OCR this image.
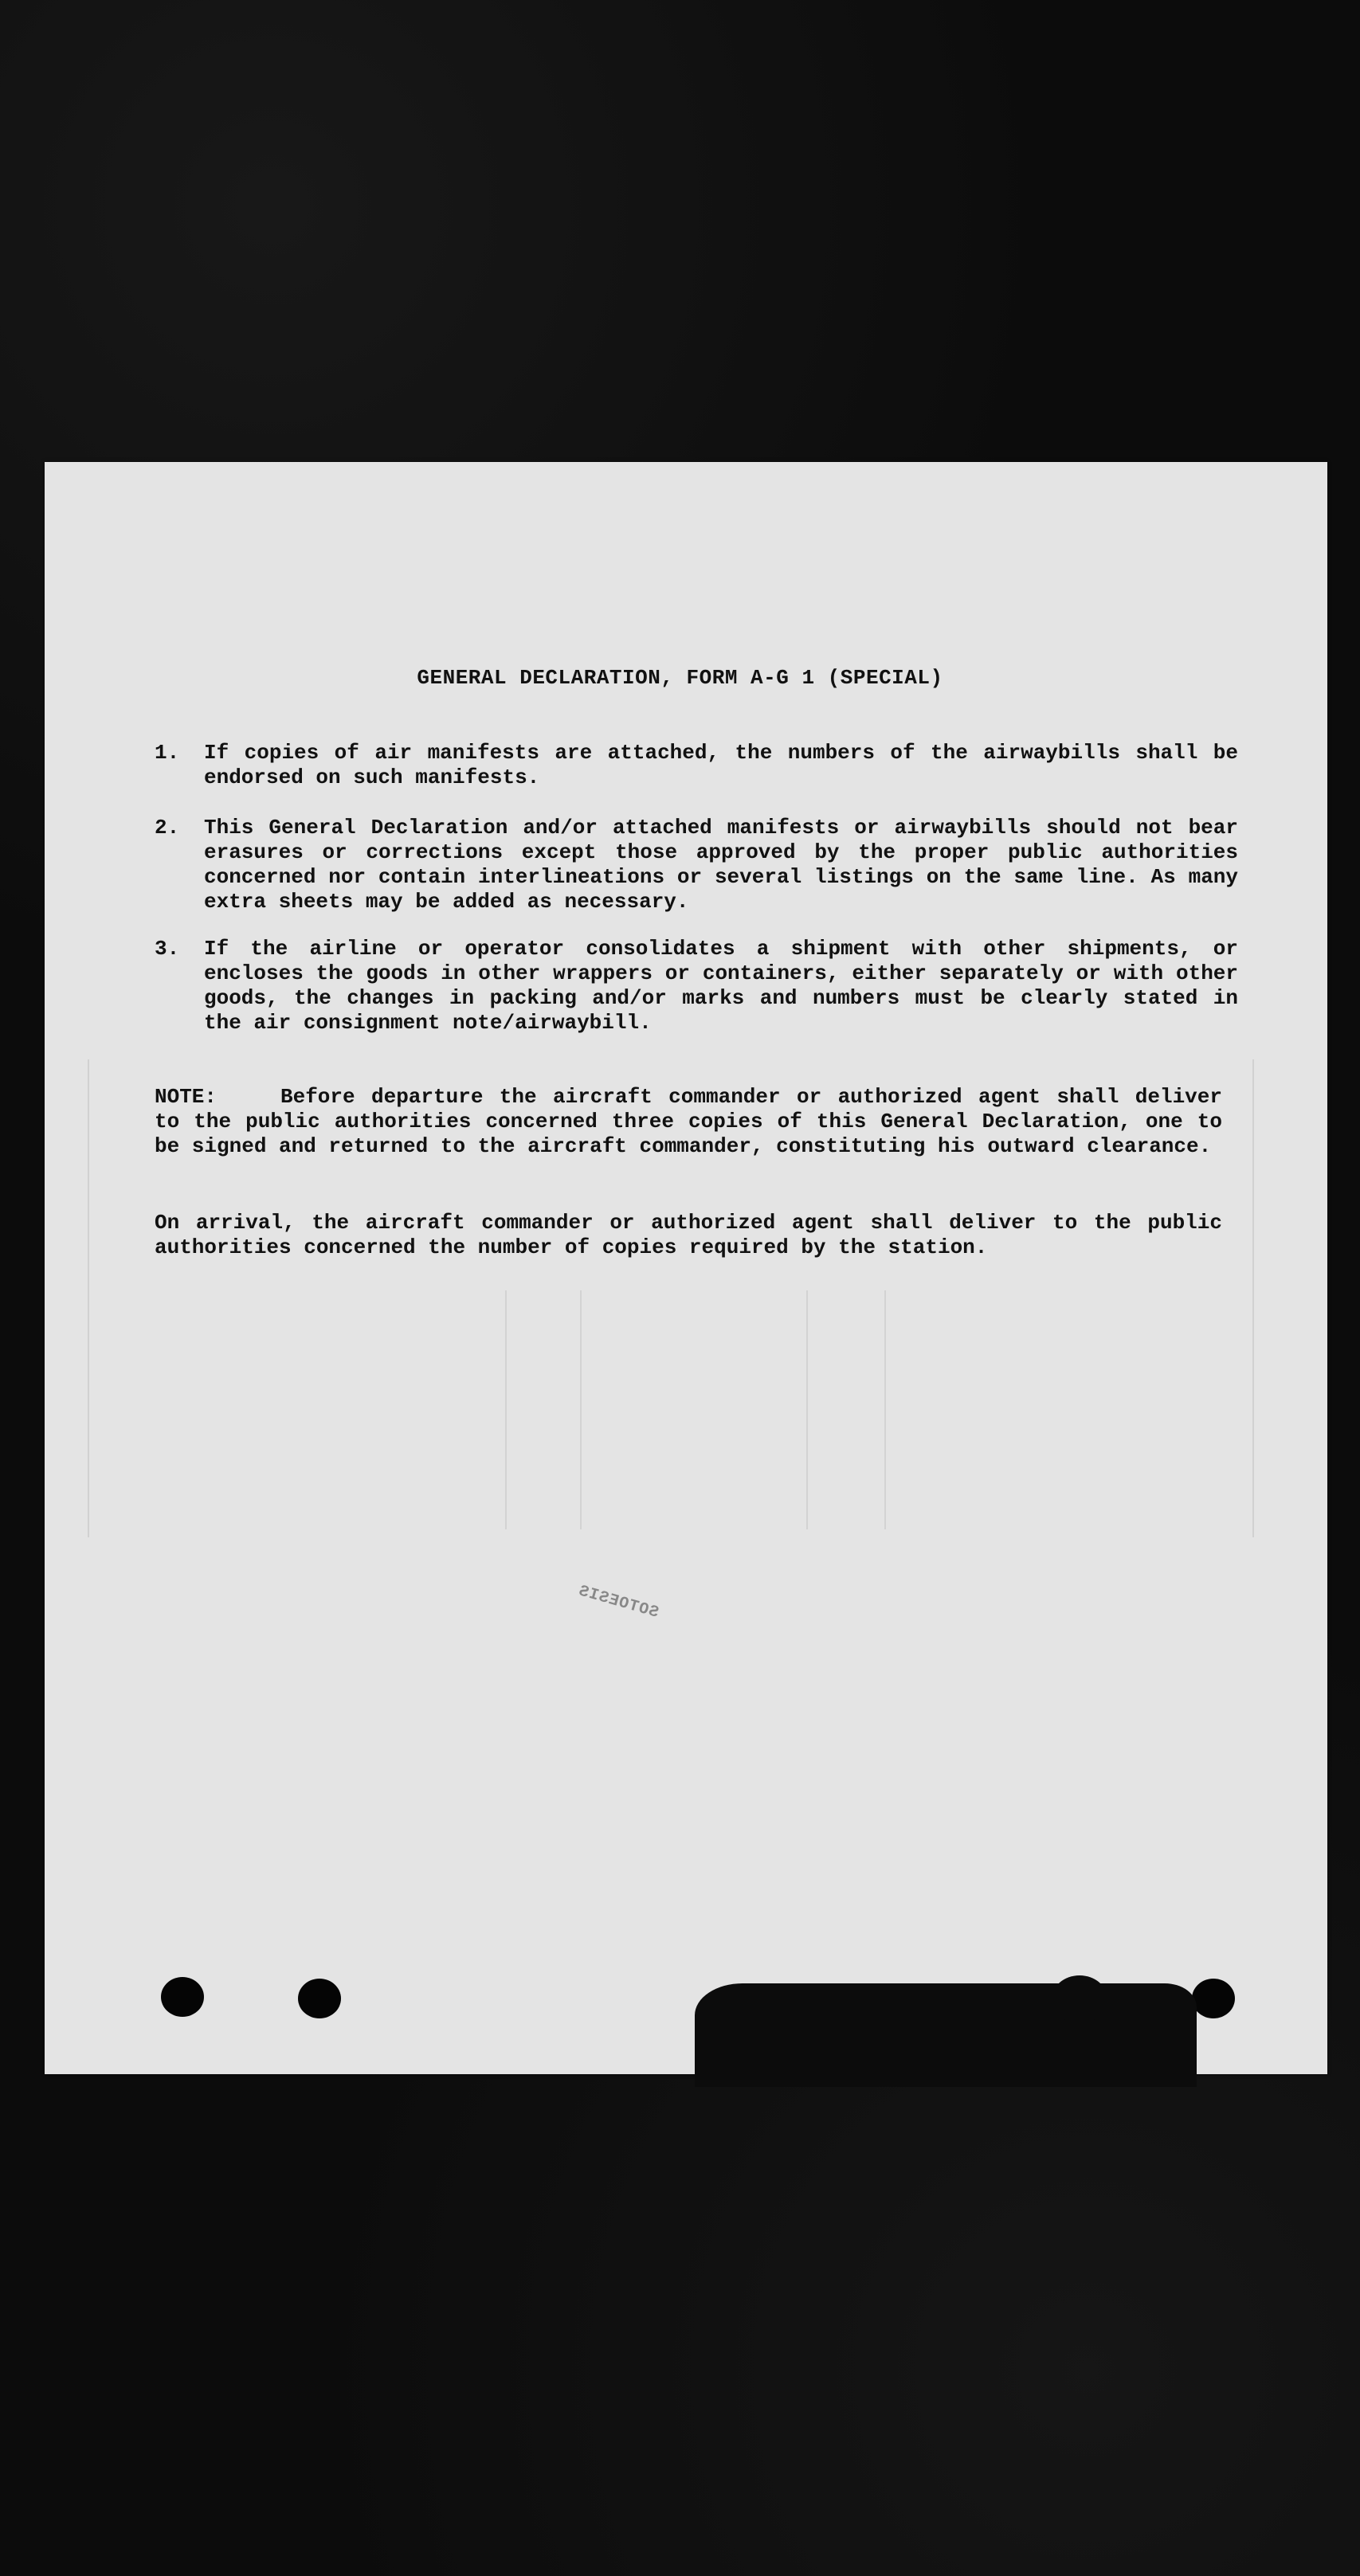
GENERAL DECLARATION, FORM A-G 1 (SPECIAL)
1.	If copies of air manifests are attached, the numbers of the airwaybills shall be endorsed on such manifests.
2.	This General Declaration and/or attached manifests or airwaybills should not bear erasures or corrections except those approved by the proper public authorities concerned nor contain interlineations or several listings on the same line. As many extra sheets may be added as necessary.
3.	If the airline or operator consolidates a shipment with other shipments, or encloses the goods in other wrappers or containers, either separately or with other goods, the changes in packing and/or marks and numbers must be clearly stated in the air consignment note/airwaybill.
NOTE:	Before departure the aircraft commander or authorized agent shall deliver to the public authorities concerned three copies of this General Declaration, one to be signed and returned to the aircraft commander, constituting his outward clearance.
On arrival, the aircraft commander or authorized agent shall deliver to the public authorities concerned the number of copies required by the station.
SOTOESIS
